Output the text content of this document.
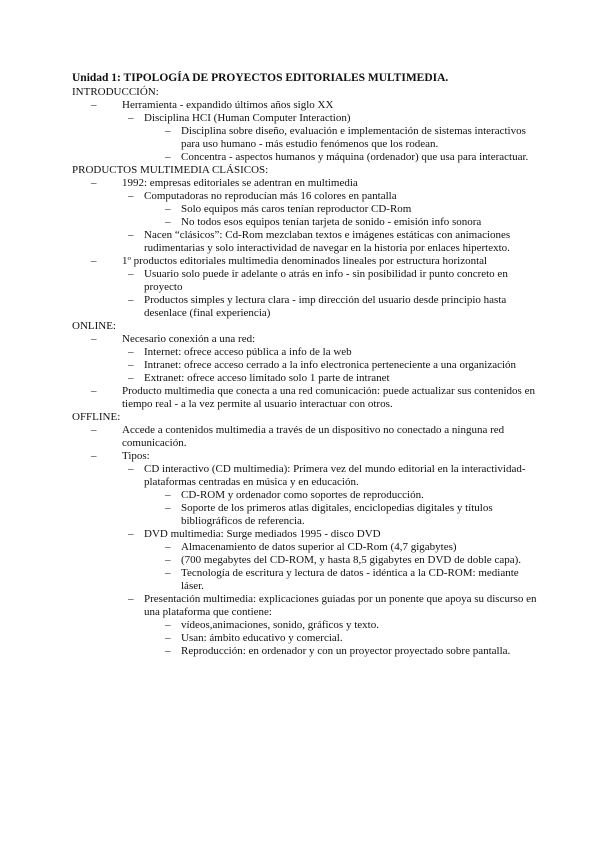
Unidad 1: TIPOLOGÍA DE PROYECTOS EDITORIALES MULTIMEDIA.
INTRODUCCIÓN:
– Herramienta - expandido últimos años siglo XX
– Disciplina HCI (Human Computer Interaction)
– Disciplina sobre diseño, evaluación e implementación de sistemas interactivos para uso humano - más estudio fenómenos que los rodean.
– Concentra - aspectos humanos y máquina (ordenador) que usa para interactuar.
PRODUCTOS MULTIMEDIA CLÁSICOS:
– 1992: empresas editoriales se adentran en multimedia
– Computadoras no reproducían más 16 colores en pantalla
– Solo equipos más caros tenían reproductor CD-Rom
– No todos esos equipos tenían tarjeta de sonido - emisión info sonora
– Nacen “clásicos”: Cd-Rom mezclaban textos e imágenes estáticas con animaciones rudimentarias y solo interactividad de navegar en la historia por enlaces hipertexto.
– 1º productos editoriales multimedia denominados lineales por estructura horizontal
– Usuario solo puede ir adelante o atrás en info - sin posibilidad ir punto concreto en proyecto
– Productos simples y lectura clara - imp dirección del usuario desde principio hasta desenlace (final experiencia)
ONLINE:
– Necesario conexión a una red:
– Internet: ofrece acceso pública a info de la web
– Intranet: ofrece acceso cerrado a la info electronica perteneciente a una organización
– Extranet: ofrece acceso limitado solo 1 parte de intranet
– Producto multimedia que conecta a una red comunicación: puede actualizar sus contenidos en tiempo real - a la vez permite al usuario interactuar con otros.
OFFLINE:
– Accede a contenidos multimedia a través de un dispositivo no conectado a ninguna red comunicación.
– Tipos:
– CD interactivo (CD multimedia): Primera vez del mundo editorial en la interactividad- plataformas centradas en música y en educación.
– CD-ROM y ordenador como soportes de reproducción.
– Soporte de los primeros atlas digitales, enciclopedias digitales y títulos bibliográficos de referencia.
– DVD multimedia: Surge mediados 1995 - disco DVD
– Almacenamiento de datos superior al CD-Rom (4,7 gigabytes)
– (700 megabytes del CD-ROM, y hasta 8,5 gigabytes en DVD de doble capa).
– Tecnología de escritura y lectura de datos - idéntica a la CD-ROM: mediante láser.
– Presentación multimedia: explicaciones guiadas por un ponente que apoya su discurso en una plataforma que contiene:
– vídeos,animaciones, sonido, gráficos y texto.
– Usan: ámbito educativo y comercial.
– Reproducción: en ordenador y con un proyector proyectado sobre pantalla.
